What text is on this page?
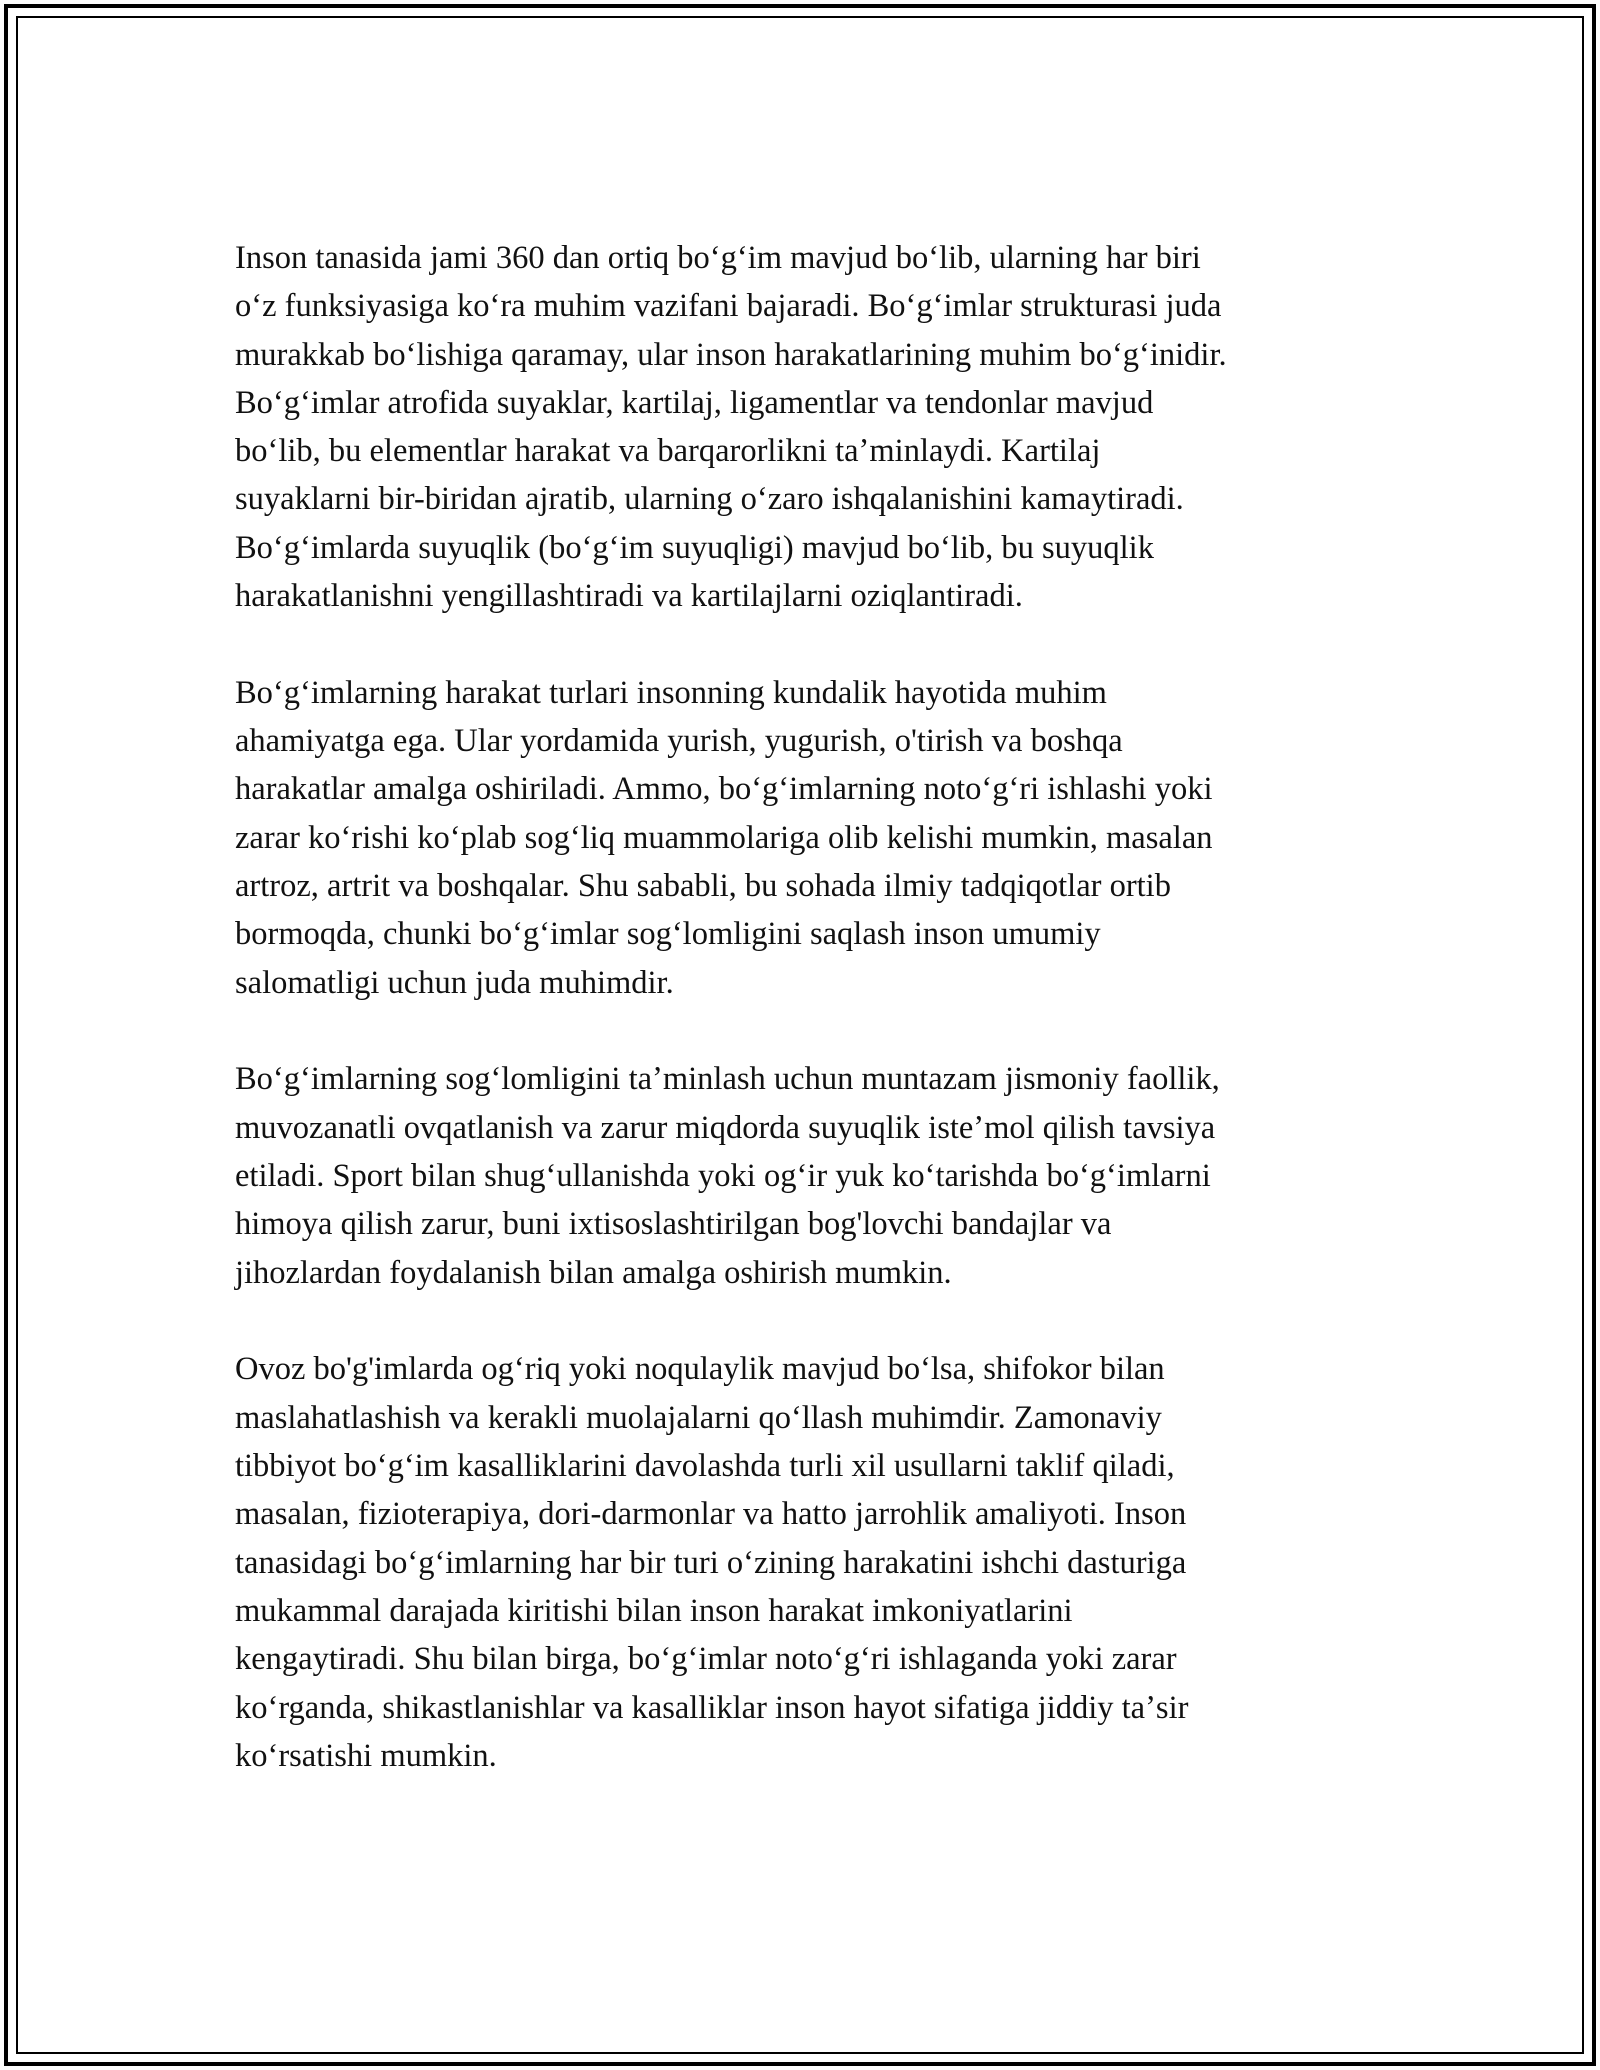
Inson tanasida jami 360 dan ortiq boʻgʻim mavjud boʻlib, ularning har biri
oʻz funksiyasiga koʻra muhim vazifani bajaradi. Boʻgʻimlar strukturasi juda
murakkab boʻlishiga qaramay, ular inson harakatlarining muhim boʻgʻinidir.
Boʻgʻimlar atrofida suyaklar, kartilaj, ligamentlar va tendonlar mavjud
boʻlib, bu elementlar harakat va barqarorlikni taʼminlaydi. Kartilaj
suyaklarni bir-biridan ajratib, ularning oʻzaro ishqalanishini kamaytiradi.
Boʻgʻimlarda suyuqlik (boʻgʻim suyuqligi) mavjud boʻlib, bu suyuqlik
harakatlanishni yengillashtiradi va kartilajlarni oziqlantiradi.

Boʻgʻimlarning harakat turlari insonning kundalik hayotida muhim
ahamiyatga ega. Ular yordamida yurish, yugurish, o'tirish va boshqa
harakatlar amalga oshiriladi. Ammo, boʻgʻimlarning notoʻgʻri ishlashi yoki
zarar koʻrishi koʻplab sogʻliq muammolariga olib kelishi mumkin, masalan
artroz, artrit va boshqalar. Shu sababli, bu sohada ilmiy tadqiqotlar ortib
bormoqda, chunki boʻgʻimlar sogʻlomligini saqlash inson umumiy
salomatligi uchun juda muhimdir.

Boʻgʻimlarning sogʻlomligini taʼminlash uchun muntazam jismoniy faollik,
muvozanatli ovqatlanish va zarur miqdorda suyuqlik isteʼmol qilish tavsiya
etiladi. Sport bilan shugʻullanishda yoki ogʻir yuk koʻtarishda boʻgʻimlarni
himoya qilish zarur, buni ixtisoslashtirilgan bog'lovchi bandajlar va
jihozlardan foydalanish bilan amalga oshirish mumkin.

Ovoz bo'g'imlarda ogʻriq yoki noqulaylik mavjud boʻlsa, shifokor bilan
maslahatlashish va kerakli muolajalarni qoʻllash muhimdir. Zamonaviy
tibbiyot boʻgʻim kasalliklarini davolashda turli xil usullarni taklif qiladi,
masalan, fizioterapiya, dori-darmonlar va hatto jarrohlik amaliyoti. Inson
tanasidagi boʻgʻimlarning har bir turi oʻzining harakatini ishchi dasturiga
mukammal darajada kiritishi bilan inson harakat imkoniyatlarini
kengaytiradi. Shu bilan birga, boʻgʻimlar notoʻgʻri ishlaganda yoki zarar
koʻrganda, shikastlanishlar va kasalliklar inson hayot sifatiga jiddiy taʼsir
koʻrsatishi mumkin.
